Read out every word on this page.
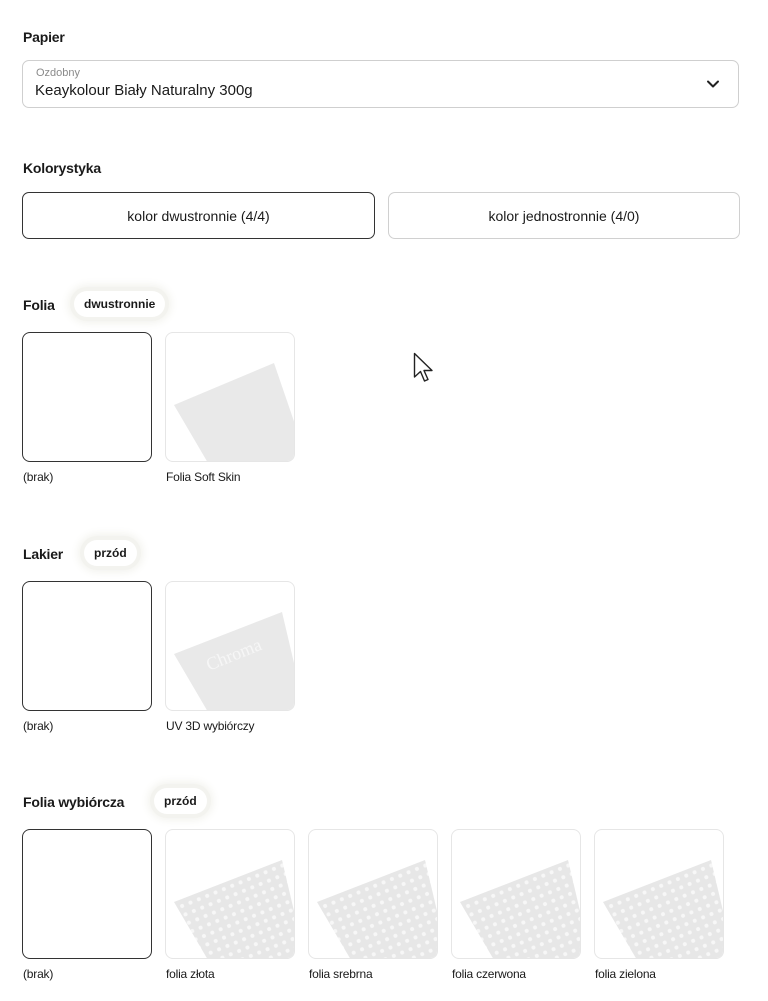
Papier
Ozdobny
Keaykolour Biały Naturalny 300g
Kolorystyka
kolor dwustronnie (4/4)	kolor jednostronnie (4/0)
Folia	dwustronnie
(brak)	Folia Soft Skin
Lakier	przód
(brak)
Chroma
UV 3D wybiórczy
Folia wybiórcza	przód
(brak)	folia złota	folia srebrna	folia czerwona	folia zielona
